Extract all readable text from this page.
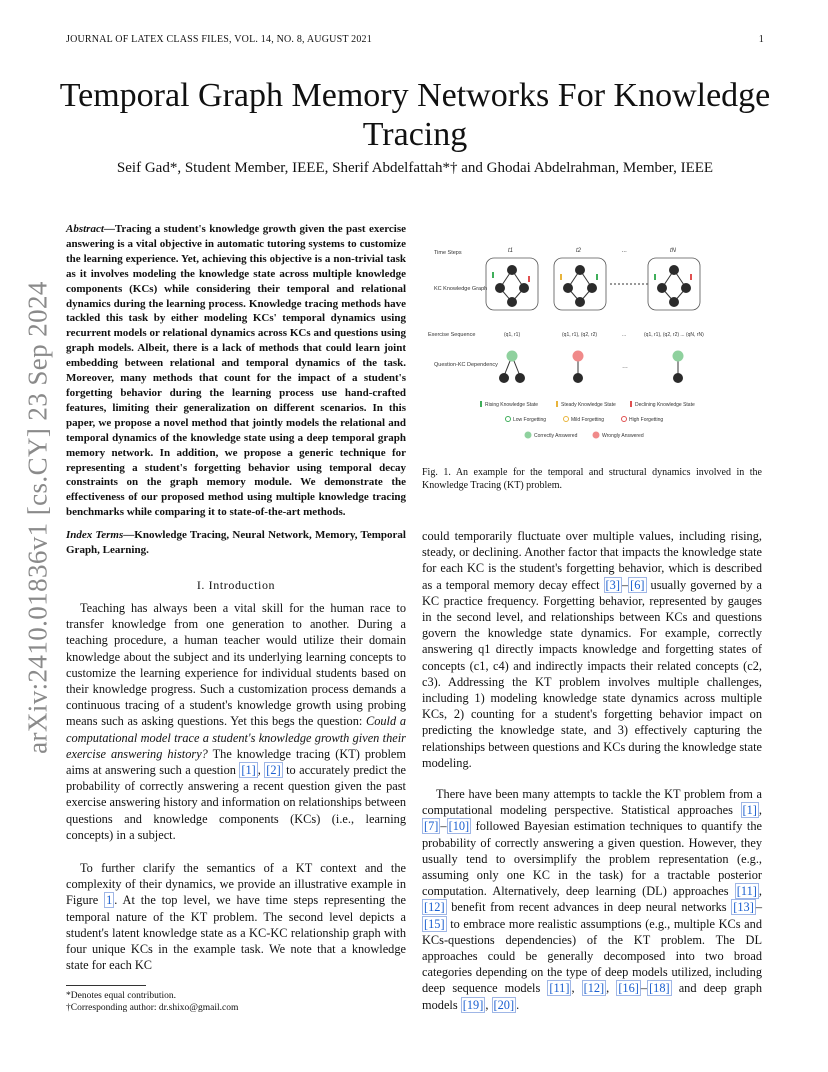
JOURNAL OF LATEX CLASS FILES, VOL. 14, NO. 8, AUGUST 2021	1
Temporal Graph Memory Networks For Knowledge Tracing
Seif Gad*, Student Member, IEEE, Sherif Abdelfattah*† and Ghodai Abdelrahman, Member, IEEE
arXiv:2410.01836v1 [cs.CY] 23 Sep 2024
Abstract—Tracing a student's knowledge growth given the past exercise answering is a vital objective in automatic tutoring systems to customize the learning experience. Yet, achieving this objective is a non-trivial task as it involves modeling the knowledge state across multiple knowledge components (KCs) while considering their temporal and relational dynamics during the learning process. Knowledge tracing methods have tackled this task by either modeling KCs' temporal dynamics using recurrent models or relational dynamics across KCs and questions using graph models. Albeit, there is a lack of methods that could learn joint embedding between relational and temporal dynamics of the task. Moreover, many methods that count for the impact of a student's forgetting behavior during the learning process use hand-crafted features, limiting their generalization on different scenarios. In this paper, we propose a novel method that jointly models the relational and temporal dynamics of the knowledge state using a deep temporal graph memory network. In addition, we propose a generic technique for representing a student's forgetting behavior using temporal decay constraints on the graph memory module. We demonstrate the effectiveness of our proposed method using multiple knowledge tracing benchmarks while comparing it to state-of-the-art methods.
Index Terms—Knowledge Tracing, Neural Network, Memory, Temporal Graph, Learning.
I. Introduction

Teaching has always been a vital skill for the human race to transfer knowledge from one generation to another. During a teaching procedure, a human teacher would utilize their domain knowledge about the subject and its underlying learning concepts to customize the learning experience for individual students based on their knowledge progress. Such a customization process demands a continuous tracing of a student's knowledge growth using probing means such as asking questions. Yet this begs the question: Could a computational model trace a student's knowledge growth given their exercise answering history? The knowledge tracing (KT) problem aims at answering such a question [1] , [2] to accurately predict the probability of correctly answering a recent question given the past exercise answering history and information on relationships between questions and knowledge components (KCs) (i.e., learning concepts) in a subject.

To further clarify the semantics of a KT context and the complexity of their dynamics, we provide an illustrative example in Figure 1 . At the top level, we have time steps representing the temporal nature of the KT problem. The second level depicts a student's latent knowledge state as a KC-KC relationship graph with four unique KCs in the example task. We note that a knowledge state for each KC

*Denotes equal contribution.
†Corresponding author: dr.shixo@gmail.com
Time Steps
KC Knowledge Graph
Exercise Sequence
Question-KC Dependency
t1	t2	...	tN
(q1, r1)	(q1, r1), (q2, r2)	...	(q1, r1), (q2, r2) ... (qN, rN)
…
Rising Knowledge State	Steady Knowledge State	Declining Knowledge State
Low Forgetting	Mild Forgetting	High Forgetting
Correctly Answered	Wrongly Answered
Fig. 1. An example for the temporal and structural dynamics involved in the Knowledge Tracing (KT) problem.

could temporarily fluctuate over multiple values, including rising, steady, or declining. Another factor that impacts the knowledge state for each KC is the student's forgetting behavior, which is described as a temporal memory decay effect [3] – [6] usually governed by a KC practice frequency. Forgetting behavior, represented by gauges in the second level, and relationships between KCs and questions govern the knowledge state dynamics. For example, correctly answering q1 directly impacts knowledge and forgetting states of concepts (c1, c4) and indirectly impacts their related concepts (c2, c3). Addressing the KT problem involves multiple challenges, including 1) modeling knowledge state dynamics across multiple KCs, 2) counting for a student's forgetting behavior impact on predicting the knowledge state, and 3) effectively capturing the relationships between questions and KCs during the knowledge state modeling.

There have been many attempts to tackle the KT problem from a computational modeling perspective. Statistical approaches [1] , [7] – [10] followed Bayesian estimation techniques to quantify the probability of correctly answering a given question. However, they usually tend to oversimplify the problem representation (e.g., assuming only one KC in the task) for a tractable posterior computation. Alternatively, deep learning (DL) approaches [11] , [12] benefit from recent advances in deep neural networks [13] –[15] to embrace more realistic assumptions (e.g., multiple KCs and KCs-questions dependencies) of the KT problem. The DL approaches could be generally decomposed into two broad categories depending on the type of deep models utilized, including deep sequence models [11] , [12] , [16] – [18] and deep graph models [19] , [20] .
